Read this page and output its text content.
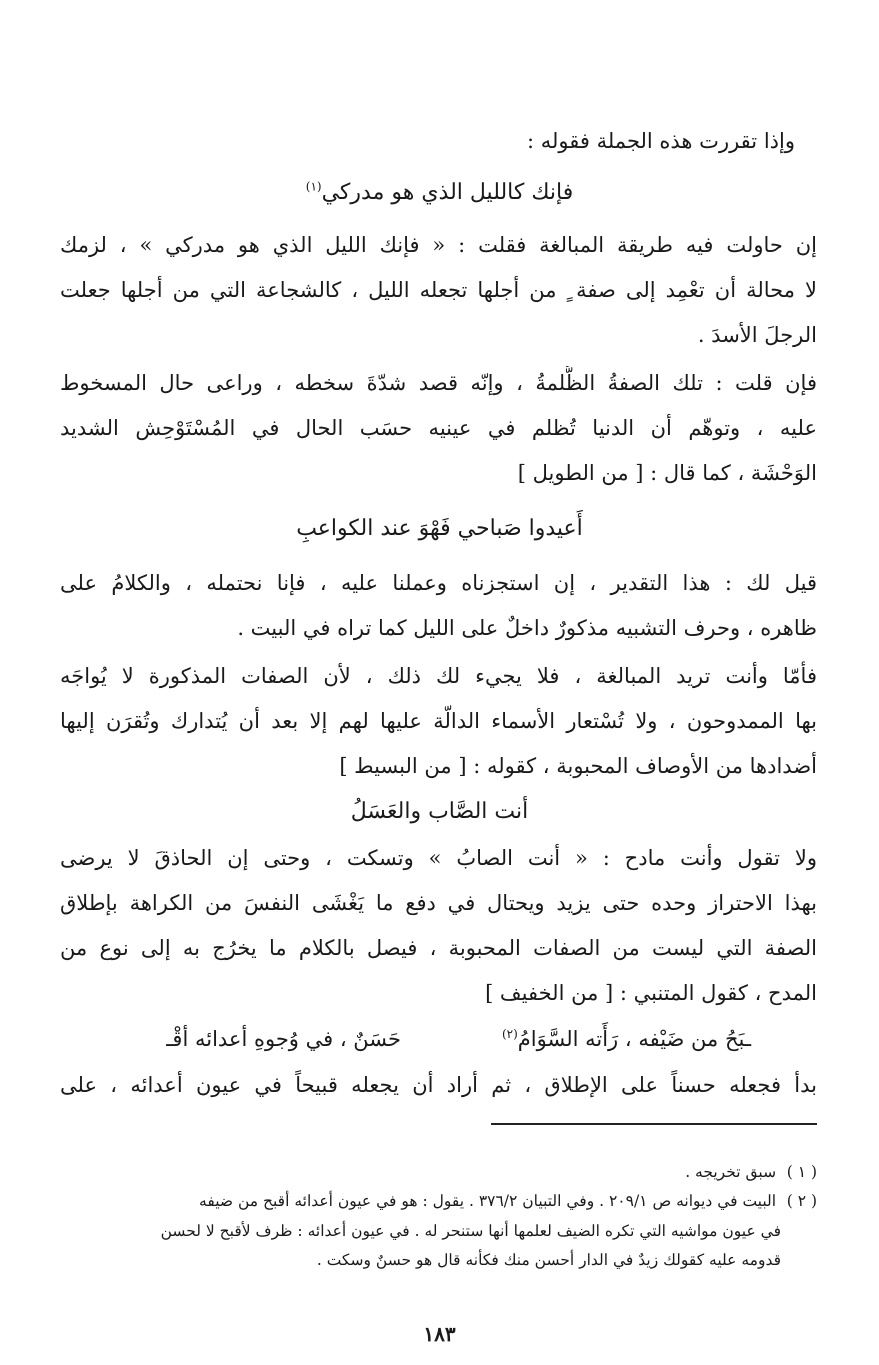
وإذا تقررت هذه الجملة فقوله :
فإنك كالليل الذي هو مدركي$^{(١)}$
إن حاولت فيه طريقة المبالغة فقلت : « فإنك الليل الذي هو مدركي » ، لزمك
لا محالة أن تعْمِد إلى صفة ٍ من أجلها تجعله الليل ، كالشجاعة التي من أجلها جعلت
الرجلَ الأسدَ .
فإن قلت : تلك الصفةُ الظُّلمةُ ، وإنّه قصد شدّةَ سخطه ، وراعى حال المسخوط
عليه ، وتوهّم أن الدنيا تُظلم في عينيه حسَب الحال في المُسْتَوْحِش الشديد
الوَحْشَة ، كما قال : [ من الطويل ]
أَعيدوا صَباحي فَهْوَ عند الكواعبِ
قيل لك : هذا التقدير ، إن استجزناه وعملنا عليه ، فإنا نحتمله ، والكلامُ على
ظاهره ، وحرف التشبيه مذكورٌ داخلٌ على الليل كما تراه في البيت .
فأمّا وأنت تريد المبالغة ، فلا يجيء لك ذلك ، لأن الصفات المذكورة لا يُواجَه
بها الممدوحون ، ولا تُسْتعار الأسماء الدالّة عليها لهم إلا بعد أن يُتدارك وتُقرَن إليها
أضدادها من الأوصاف المحبوبة ، كقوله : [ من البسيط ]
أنت الصَّاب والعَسَلُ
ولا تقول وأنت مادح : « أنت الصابُ » وتسكت ، وحتى إن الحاذقَ لا يرضى
بهذا الاحتراز وحده حتى يزيد ويحتال في دفع ما يَغْشَى النفسَ من الكراهة بإطلاق
الصفة التي ليست من الصفات المحبوبة ، فيصل بالكلام ما يخرُج به إلى نوع من
المدح ، كقول المتنبي : [ من الخفيف ]
حَسَنٌ ، في وُجوهِ أعدائه أقْـ	ـبَحُ من ضَيْفه ، رَأَته السَّوَامُ$^{(٢)}$
بدأ فجعله حسناً على الإطلاق ، ثم أراد أن يجعله قبيحاً في عيون أعدائه ، على
( ١ ) سبق تخريجه .
( ٢ ) البيت في ديوانه ص ٢٠٩/١ . وفي التبيان ٣٧٦/٢ . يقول : هو في عيون أعدائه أقبح من ضيفه
في عيون مواشيه التي تكره الضيف لعلمها أنها ستنحر له . في عيون أعدائه : ظرف لأقبح لا لحسن
قدومه عليه كقولك زيدٌ في الدار أحسن منك فكأنه قال هو حسنٌ وسكت .
١٨٣
